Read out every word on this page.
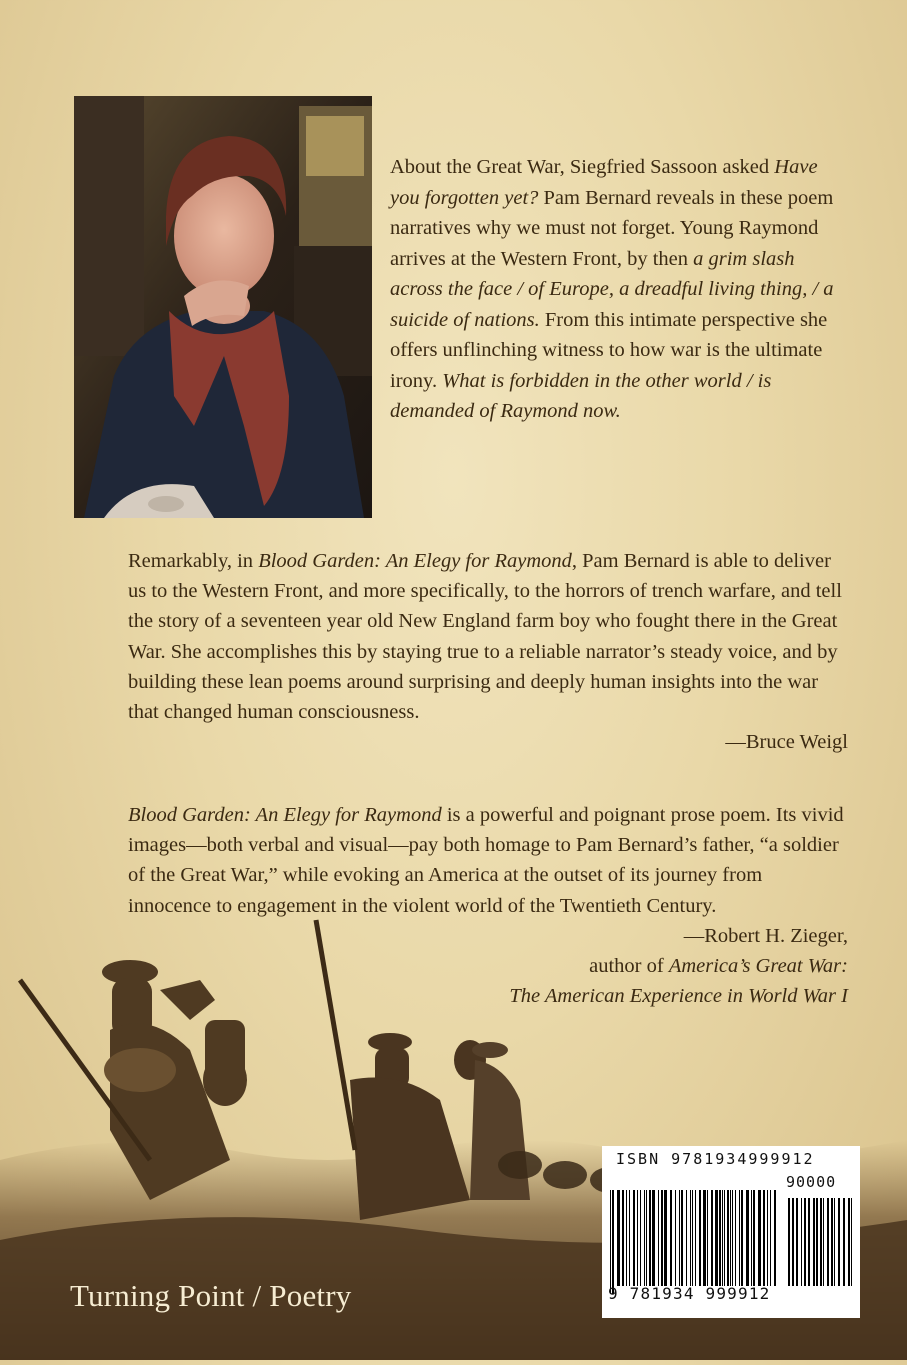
About the Great War, Siegfried Sassoon asked Have you forgotten yet? Pam Bernard reveals in these poem narratives why we must not forget. Young Raymond arrives at the Western Front, by then a grim slash across the face / of Europe, a dreadful living thing, / a suicide of nations. From this intimate perspective she offers unflinching witness to how war is the ultimate irony. What is forbidden in the other world / is demanded of Raymond now.

Remarkably, in Blood Garden: An Elegy for Raymond, Pam Bernard is able to deliver us to the Western Front, and more specifically, to the horrors of trench warfare, and tell the story of a seventeen year old New England farm boy who fought there in the Great War. She accomplishes this by staying true to a reliable narrator’s steady voice, and by building these lean poems around surprising and deeply human insights into the war that changed human consciousness.

—Bruce Weigl

Blood Garden: An Elegy for Raymond is a powerful and poignant prose poem. Its vivid images—both verbal and visual—pay both homage to Pam Bernard’s father, “a soldier of the Great War,” while evoking an America at the outset of its journey from innocence to engagement in the violent world of the Twentieth Century.

—Robert H. Zieger,

author of America’s Great War:

The American Experience in World War I

Turning Point / Poetry
ISBN 9781934999912
90000
9 781934 999912
